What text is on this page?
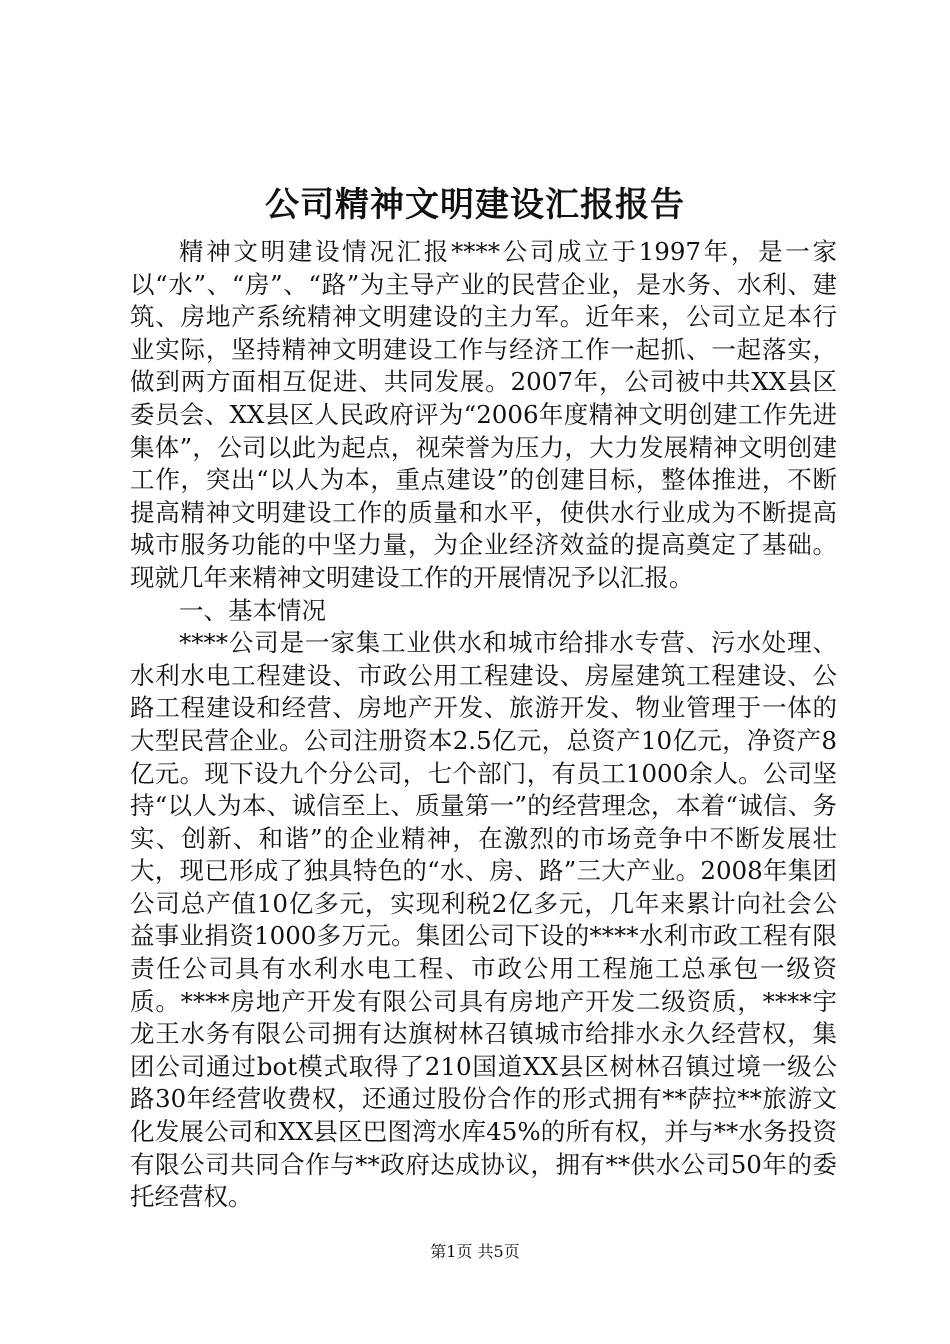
公司精神文明建设汇报报告

精神文明建设情况汇报****公司成立于1997年，是一家以“水”、“房”、“路”为主导产业的民营企业，是水务、水利、建筑、房地产系统精神文明建设的主力军。近年来，公司立足本行业实际，坚持精神文明建设工作与经济工作一起抓、一起落实，做到两方面相互促进、共同发展。2007年，公司被中共XX县区委员会、XX县区人民政府评为“2006年度精神文明创建工作先进集体”，公司以此为起点，视荣誉为压力，大力发展精神文明创建工作，突出“以人为本，重点建设”的创建目标，整体推进，不断提高精神文明建设工作的质量和水平，使供水行业成为不断提高城市服务功能的中坚力量，为企业经济效益的提高奠定了基础。现就几年来精神文明建设工作的开展情况予以汇报。

一、基本情况

****公司是一家集工业供水和城市给排水专营、污水处理、水利水电工程建设、市政公用工程建设、房屋建筑工程建设、公路工程建设和经营、房地产开发、旅游开发、物业管理于一体的大型民营企业。公司注册资本2.5亿元，总资产10亿元，净资产8亿元。现下设九个分公司，七个部门，有员工1000余人。公司坚持“以人为本、诚信至上、质量第一”的经营理念，本着“诚信、务实、创新、和谐”的企业精神，在激烈的市场竞争中不断发展壮大，现已形成了独具特色的“水、房、路”三大产业。2008年集团公司总产值10亿多元，实现利税2亿多元，几年来累计向社会公益事业捐资1000多万元。集团公司下设的****水利市政工程有限责任公司具有水利水电工程、市政公用工程施工总承包一级资质。****房地产开发有限公司具有房地产开发二级资质，****宇龙王水务有限公司拥有达旗树林召镇城市给排水永久经营权，集团公司通过bot模式取得了210国道XX县区树林召镇过境一级公路30年经营收费权，还通过股份合作的形式拥有**萨拉**旅游文化发展公司和XX县区巴图湾水库45%的所有权，并与**水务投资有限公司共同合作与**政府达成协议，拥有**供水公司50年的委托经营权。

第1页 共5页
